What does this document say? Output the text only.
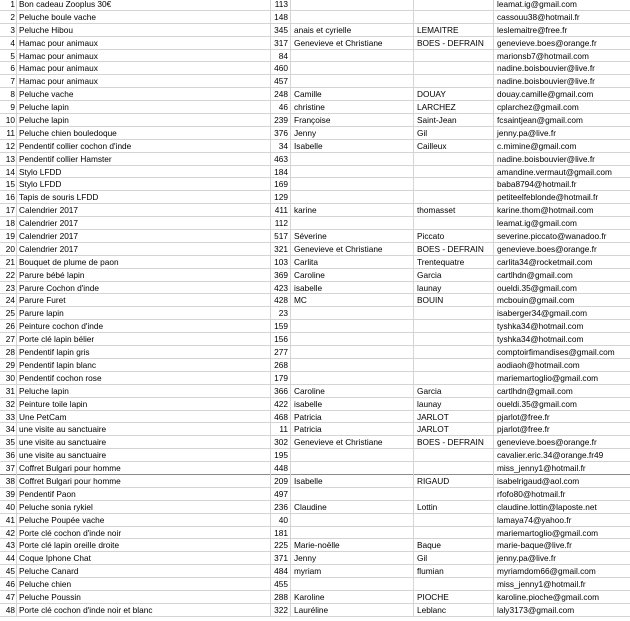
1 Bon cadeau Zooplus 30€	113	leamat.ig@gmail.com
2 Peluche boule vache	148	cassouu38@hotmail.fr
3 Peluche Hibou	345 anais et cyrielle	LEMAITRE	leslemaitre@free.fr
4 Hamac pour animaux	317 Genevieve et Christiane	BOES - DEFRAIN	genevieve.boes@orange.fr
5 Hamac pour animaux	84	marionsb7@hotmail.com
6 Hamac pour animaux	460	nadine.boisbouvier@live.fr
7 Hamac pour animaux	457	nadine.boisbouvier@live.fr
8 Peluche vache	248 Camille	DOUAY	douay.camille@gmail.com
9 Peluche lapin	46 christine	LARCHEZ	cplarchez@gmail.com
10 Peluche lapin	239 Françoise	Saint-Jean	fcsaintjean@gmail.com
11 Peluche chien bouledoque	376 Jenny	Gil	jenny.pa@live.fr
12 Pendentif collier cochon d'inde	34 Isabelle	Cailleux	c.mimine@gmail.com
13 Pendentif collier Hamster	463	nadine.boisbouvier@live.fr
14 Stylo LFDD	184	amandine.vermaut@gmail.com
15 Stylo LFDD	169	baba8794@hotmail.fr
16 Tapis de souris LFDD	129	petiteelfeblonde@hotmail.fr
17 Calendrier 2017	411 karine	thomasset	karine.thom@hotmail.com
18 Calendrier 2017	112	leamat.ig@gmail.com
19 Calendrier 2017	517 Séverine	Piccato	severine.piccato@wanadoo.fr
20 Calendrier 2017	321 Genevieve et Christiane	BOES - DEFRAIN	genevieve.boes@orange.fr
21 Bouquet de plume de paon	103 Carlita	Trentequatre	carlita34@rocketmail.com
22 Parure bébé lapin	369 Caroline	Garcia	cartlhdn@gmail.com
23 Parure Cochon d'inde	423 isabelle	launay	oueldi.35@gmail.com
24 Parure Furet	428 MC	BOUIN	mcbouin@gmail.com
25 Parure lapin	23	isaberger34@gmail.com
26 Peinture cochon d'inde	159	tyshka34@hotmail.com
27 Porte clé lapin bélier	156	tyshka34@hotmail.com
28 Pendentif lapin gris	277	comptoirfimandises@gmail.com
29 Pendentif lapin blanc	268	aodiaoh@hotmail.com
30 Pendentif cochon rose	179	mariemartoglio@gmail.com
31 Peluche lapin	366 Caroline	Garcia	cartlhdn@gmail.com
32 Peinture toile lapin	422 isabelle	launay	oueldi.35@gmail.com
33 Une PetCam	468 Patricia	JARLOT	pjarlot@free.fr
34 une visite au sanctuaire	11 Patricia	JARLOT	pjarlot@free.fr
35 une visite au sanctuaire	302 Genevieve et Christiane	BOES - DEFRAIN	genevieve.boes@orange.fr
36 une visite au sanctuaire	195	cavalier.eric.34@orange.fr49
37 Coffret Bulgari pour homme	448	miss_jenny1@hotmail.fr
38 Coffret Bulgari pour homme	209 Isabelle	RIGAUD	isabelrigaud@aol.com
39 Pendentif Paon	497	rfofo80@hotmail.fr
40 Peluche sonia rykiel	236 Claudine	Lottin	claudine.lottin@laposte.net
41 Peluche Poupée vache	40	lamaya74@yahoo.fr
42 Porte clé cochon d'inde noir	181	mariemartoglio@gmail.com
43 Porte clé lapin oreille droite	225 Marie-noëlle	Baque	marie-baque@live.fr
44 Coque Iphone Chat	371 Jenny	Gil	jenny.pa@live.fr
45 Peluche Canard	484 myriam	flumian	myriamdom66@gmail.com
46 Peluche chien	455	miss_jenny1@hotmail.fr
47 Peluche Poussin	288 Karoline	PIOCHE	karoline.pioche@gmail.com
48 Porte clé cochon d'inde noir et blanc	322 Lauréline	Leblanc	laly3173@gmail.com
